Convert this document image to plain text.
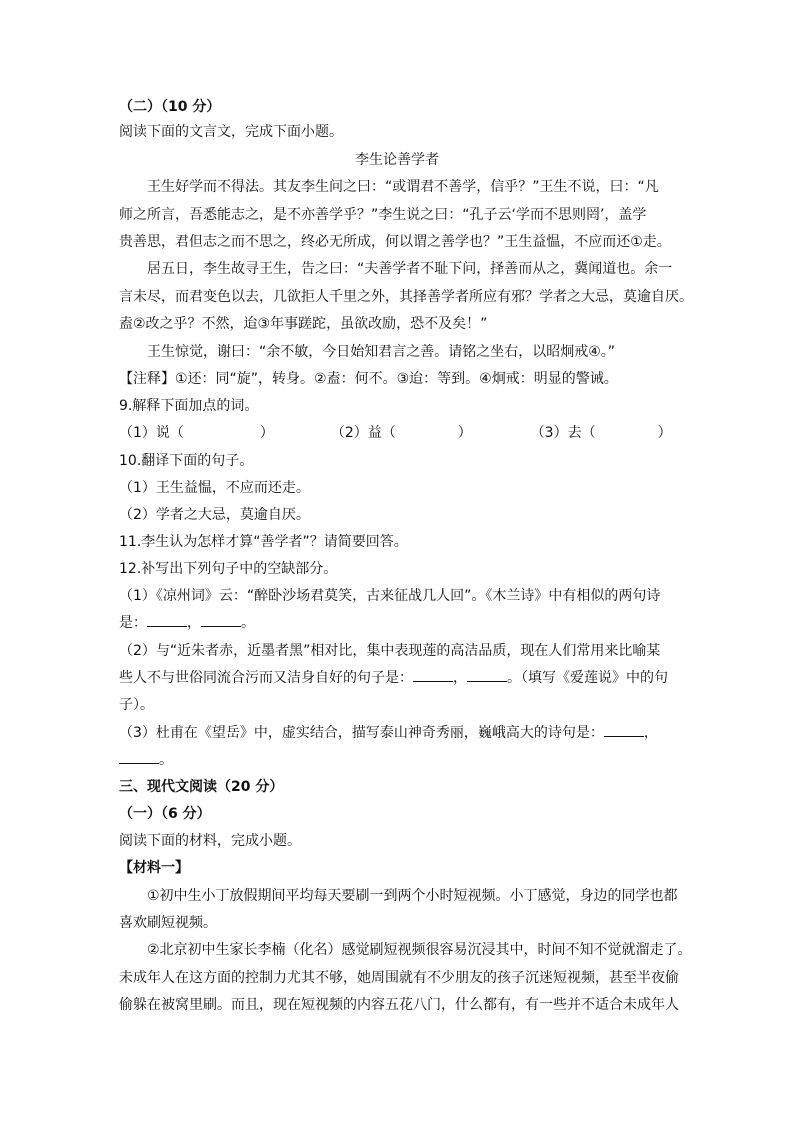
（二）（10 分）
阅读下面的文言文，完成下面小题。
李生论善学者
王生好学而不得法。其友李生问之曰：“或谓君不善学，信乎？”王生不说，曰：“凡
师之所言，吾悉能志之，是不亦善学乎？”李生说之曰：“孔子云‘学而不思则罔’，盖学
贵善思，君但志之而不思之，终必无所成，何以谓之善学也？”王生益愠，不应而还①走。
居五日，李生故寻王生，告之曰：“夫善学者不耻下问，择善而从之，冀闻道也。余一
言未尽，而君变色以去，几欲拒人千里之外，其择善学者所应有邪？学者之大忌，莫逾自厌。
盍②改之乎？不然，迨③年事蹉跎，虽欲改励，恐不及矣！”
王生惊觉，谢曰：“余不敏，今日始知君言之善。请铭之坐右，以昭炯戒④。”
【注释】①还：同“旋”，转身。②盍：何不。③迨：等到。④炯戒：明显的警诫。
9.解释下面加点的词。
（1）说（	）	（2）益（	）	（3）去（	）
10.翻译下面的句子。
（1）王生益愠，不应而还走。
（2）学者之大忌，莫逾自厌。
11.李生认为怎样才算“善学者”？请简要回答。
12.补写出下列句子中的空缺部分。
（1）《凉州词》云：“醉卧沙场君莫笑，古来征战几人回”。《木兰诗》中有相似的两句诗
是：	，	。
（2）与“近朱者赤，近墨者黑”相对比，集中表现莲的高洁品质，现在人们常用来比喻某
些人不与世俗同流合污而又洁身自好的句子是：	，	。（填写《爱莲说》中的句
子）。
（3）杜甫在《望岳》中，虚实结合，描写泰山神奇秀丽，巍峨高大的诗句是：	，
。
三、现代文阅读（20 分）
（一）（6 分）
阅读下面的材料，完成小题。
【材料一】
①初中生小丁放假期间平均每天要刷一到两个小时短视频。小丁感觉，身边的同学也都
喜欢刷短视频。
②北京初中生家长李楠（化名）感觉刷短视频很容易沉浸其中，时间不知不觉就溜走了。
未成年人在这方面的控制力尤其不够，她周围就有不少朋友的孩子沉迷短视频，甚至半夜偷
偷躲在被窝里刷。而且，现在短视频的内容五花八门，什么都有，有一些并不适合未成年人
